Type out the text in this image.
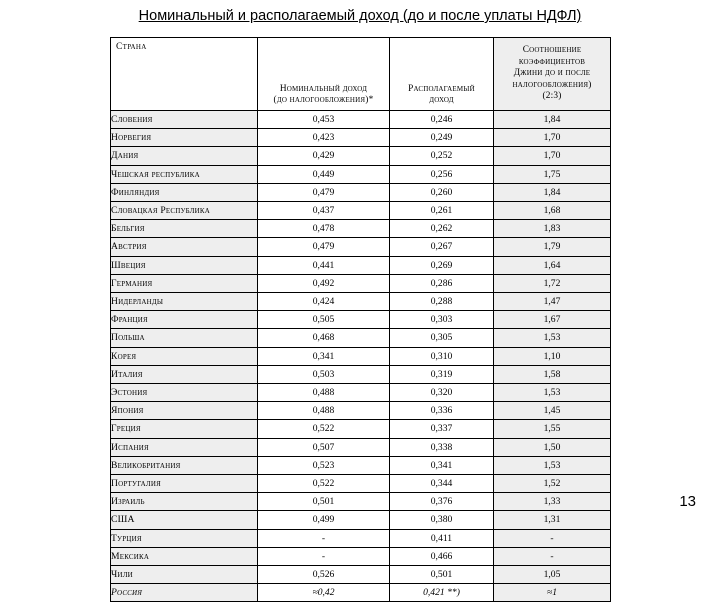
Номинальный и располагаемый доход (до и после уплаты НДФЛ)
Страна	
Номинальный доход
(до налогообложения)*

Располагаемый
доход

Соотношение
коэффициентов
Джини до и после
налогообложения)
(2:3)

Словения	0,453	0,246	1,84
Норвегия	0,423	0,249	1,70
Дания	0,429	0,252	1,70
Чешская республика	0,449	0,256	1,75
Финляндия	0,479	0,260	1,84
Словацкая Республика	0,437	0,261	1,68
Бельгия	0,478	0,262	1,83
Австрия	0,479	0,267	1,79
Швеция	0,441	0,269	1,64
Германия	0,492	0,286	1,72
Нидерланды	0,424	0,288	1,47
Франция	0,505	0,303	1,67
Польша	0,468	0,305	1,53
Корея	0,341	0,310	1,10
Италия	0,503	0,319	1,58
Эстония	0,488	0,320	1,53
Япония	0,488	0,336	1,45
Греция	0,522	0,337	1,55
Испания	0,507	0,338	1,50
Великобритания	0,523	0,341	1,53
Португалия	0,522	0,344	1,52
Израиль	0,501	0,376	1,33
США	0,499	0,380	1,31
Турция	-	0,411	-
Мексика	-	0,466	-
Чили	0,526	0,501	1,05
Россия	≈0,42	0,421 **)	≈1
13
